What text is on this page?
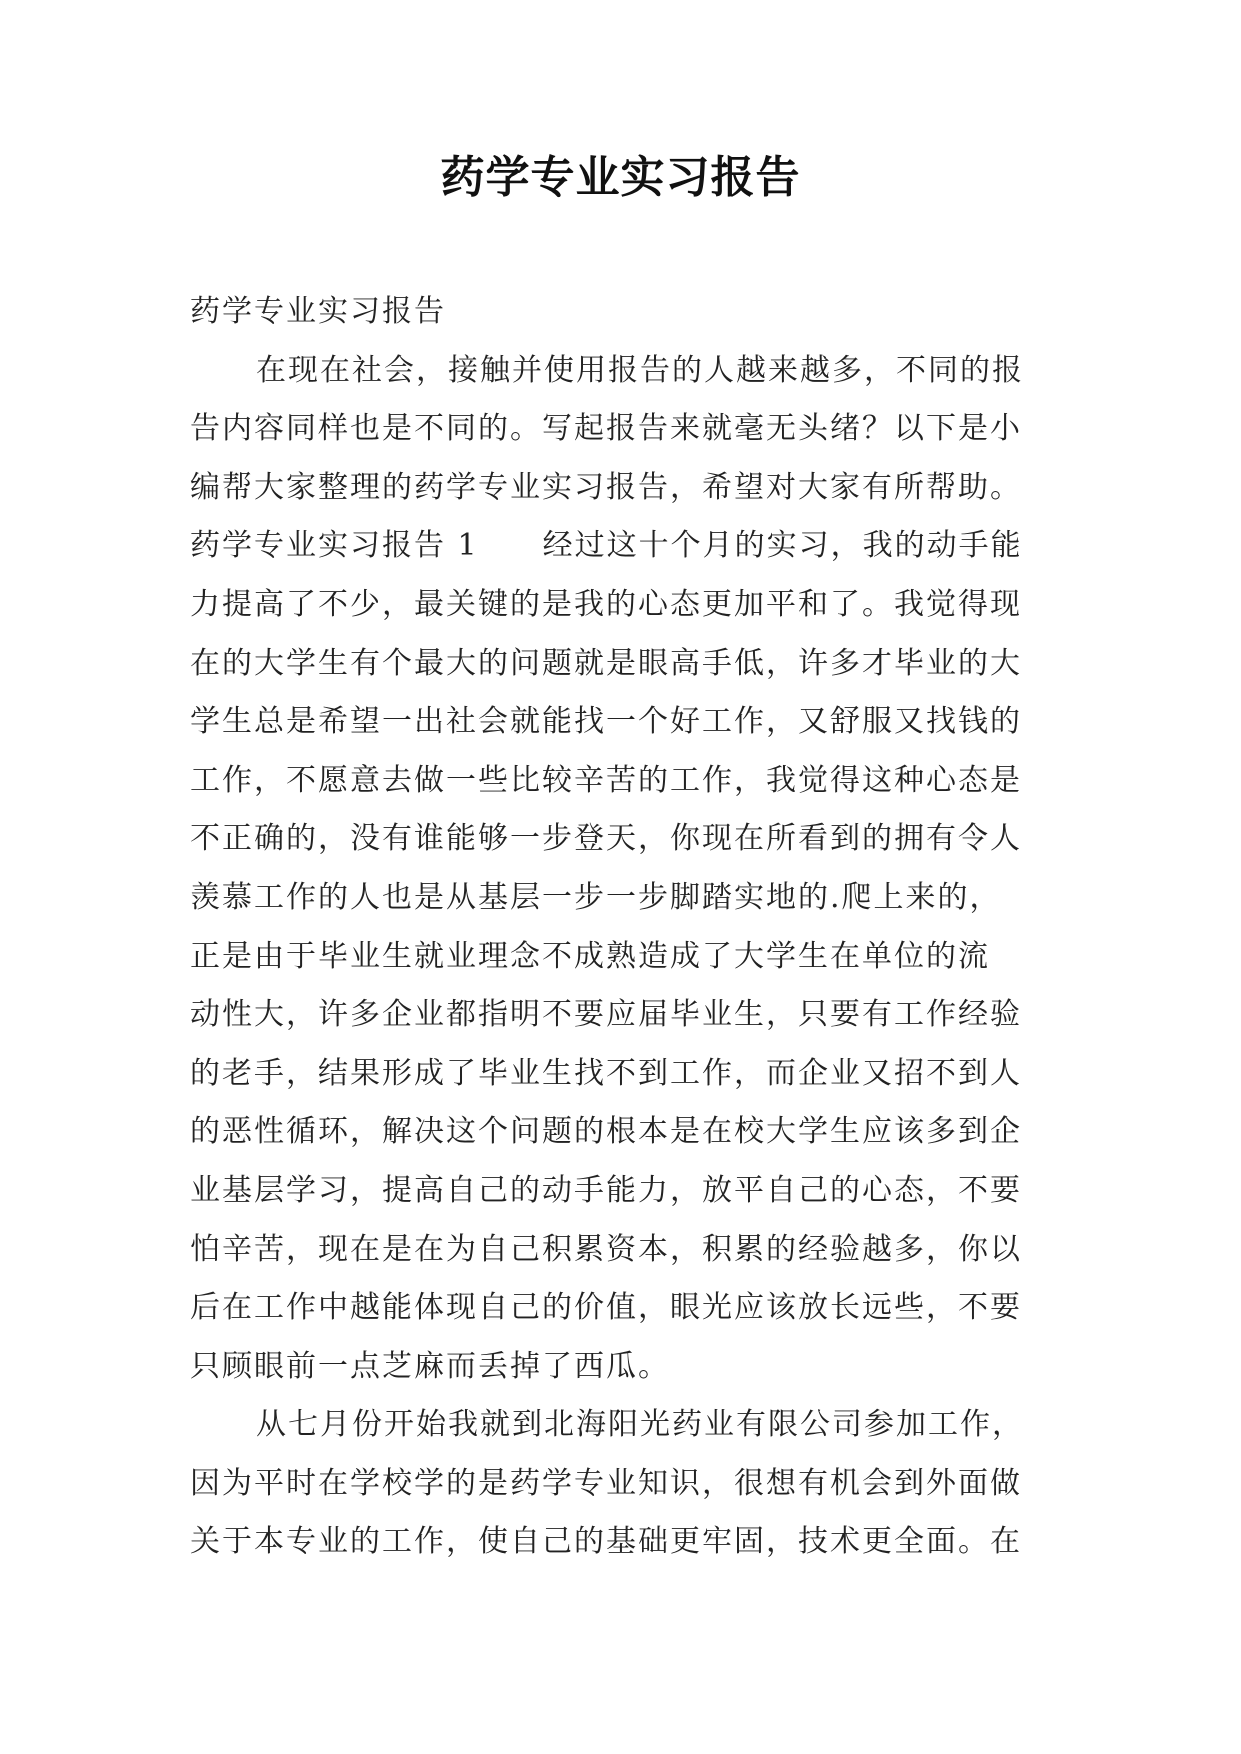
药学专业实习报告
药学专业实习报告
在现在社会，接触并使用报告的人越来越多，不同的报
告内容同样也是不同的。写起报告来就毫无头绪？以下是小
编帮大家整理的药学专业实习报告，希望对大家有所帮助。
药学专业实习报告 1　　经过这十个月的实习，我的动手能
力提高了不少，最关键的是我的心态更加平和了。我觉得现
在的大学生有个最大的问题就是眼高手低，许多才毕业的大
学生总是希望一出社会就能找一个好工作，又舒服又找钱的
工作，不愿意去做一些比较辛苦的工作，我觉得这种心态是
不正确的，没有谁能够一步登天，你现在所看到的拥有令人
羡慕工作的人也是从基层一步一步脚踏实地的.爬上来的，
正是由于毕业生就业理念不成熟造成了大学生在单位的流
动性大，许多企业都指明不要应届毕业生，只要有工作经验
的老手，结果形成了毕业生找不到工作，而企业又招不到人
的恶性循环，解决这个问题的根本是在校大学生应该多到企
业基层学习，提高自己的动手能力，放平自己的心态，不要
怕辛苦，现在是在为自己积累资本，积累的经验越多，你以
后在工作中越能体现自己的价值，眼光应该放长远些，不要
只顾眼前一点芝麻而丢掉了西瓜。
从七月份开始我就到北海阳光药业有限公司参加工作，
因为平时在学校学的是药学专业知识，很想有机会到外面做
关于本专业的工作，使自己的基础更牢固，技术更全面。在
